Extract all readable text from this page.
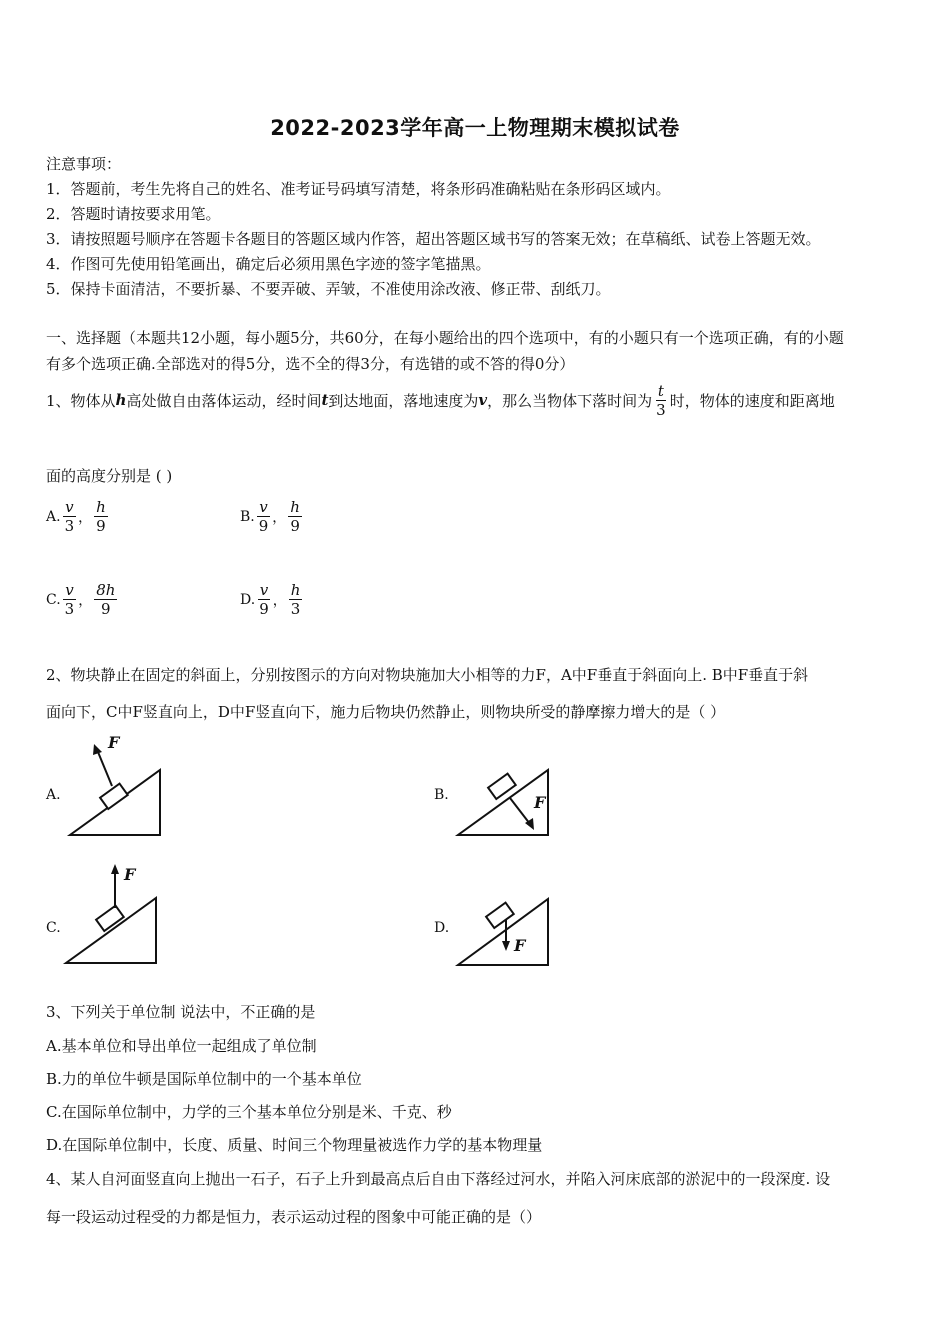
2022-2023学年高一上物理期末模拟试卷
注意事项：
1．答题前，考生先将自己的姓名、准考证号码填写清楚，将条形码准确粘贴在条形码区域内。
2．答题时请按要求用笔。
3．请按照题号顺序在答题卡各题目的答题区域内作答，超出答题区域书写的答案无效；在草稿纸、试卷上答题无效。
4．作图可先使用铅笔画出，确定后必须用黑色字迹的签字笔描黑。
5．保持卡面清洁，不要折暴、不要弄破、弄皱，不准使用涂改液、修正带、刮纸刀。
一、选择题（本题共12小题，每小题5分，共60分，在每小题给出的四个选项中，有的小题只有一个选项正确，有的小题
有多个选项正确.全部选对的得5分，选不全的得3分，有选错的或不答的得0分）
1、物体从 h 高处做自由落体运动，经时间 t 到达地面，落地速度为 v ，那么当物体下落时间为 $\frac{t}{3}$ 时，物体的速度和距离地
面的高度分别是 ( )
A. $\frac{v}{3}$ ， $\frac{h}{9}$	B. $\frac{v}{9}$ ， $\frac{h}{9}$
C. $\frac{v}{3}$ ， $\frac{8h}{9}$	D. $\frac{v}{9}$ ， $\frac{h}{3}$
2、物块静止在固定的斜面上，分别按图示的方向对物块施加大小相等的力F，A中F垂直于斜面向上. B中F垂直于斜
面向下，C中F竖直向上，D中F竖直向下，施力后物块仍然静止，则物块所受的静摩擦力增大的是（ ）
A.	B.
C.	D.
F
F
F
F
3、下列关于单位制 说法中，不正确的是
A.基本单位和导出单位一起组成了单位制
B.力的单位牛顿是国际单位制中的一个基本单位
C.在国际单位制中，力学的三个基本单位分别是米、千克、秒
D.在国际单位制中，长度、质量、时间三个物理量被选作力学的基本物理量
4、某人自河面竖直向上抛出一石子，石子上升到最高点后自由下落经过河水，并陷入河床底部的淤泥中的一段深度. 设
每一段运动过程受的力都是恒力，表示运动过程的图象中可能正确的是（）
